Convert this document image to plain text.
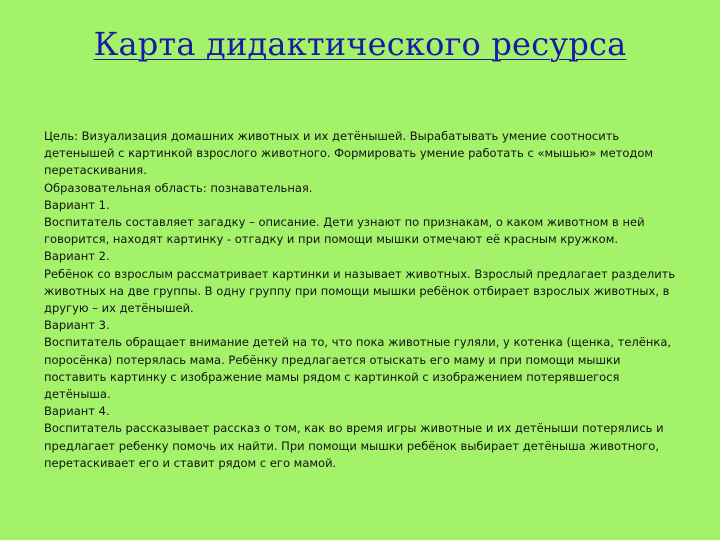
Карта дидактического ресурса
Цель: Визуализация домашних животных и их детёнышей. Вырабатывать умение соотносить
детенышей с картинкой взрослого животного. Формировать умение работать с «мышью» методом
перетаскивания.
Образовательная область: познавательная.
Вариант 1.
Воспитатель составляет загадку – описание. Дети узнают по признакам, о каком животном в ней
говорится, находят картинку - отгадку и при помощи мышки отмечают её красным кружком.
Вариант 2.
Ребёнок со взрослым рассматривает картинки и называет животных. Взрослый предлагает разделить
животных на две группы. В одну группу при помощи мышки ребёнок отбирает взрослых животных, в
другую – их детёнышей.
Вариант 3.
Воспитатель обращает внимание детей на то, что пока животные гуляли, у котенка (щенка, телёнка,
поросёнка) потерялась мама. Ребёнку предлагается отыскать его маму и при помощи мышки
поставить картинку с изображение мамы рядом с картинкой с изображением потерявшегося
детёныша.
Вариант 4.
Воспитатель рассказывает рассказ о том, как во время игры животные и их детёныши потерялись и
предлагает ребенку помочь их найти. При помощи мышки ребёнок выбирает детёныша животного,
перетаскивает его и ставит рядом с его мамой.
